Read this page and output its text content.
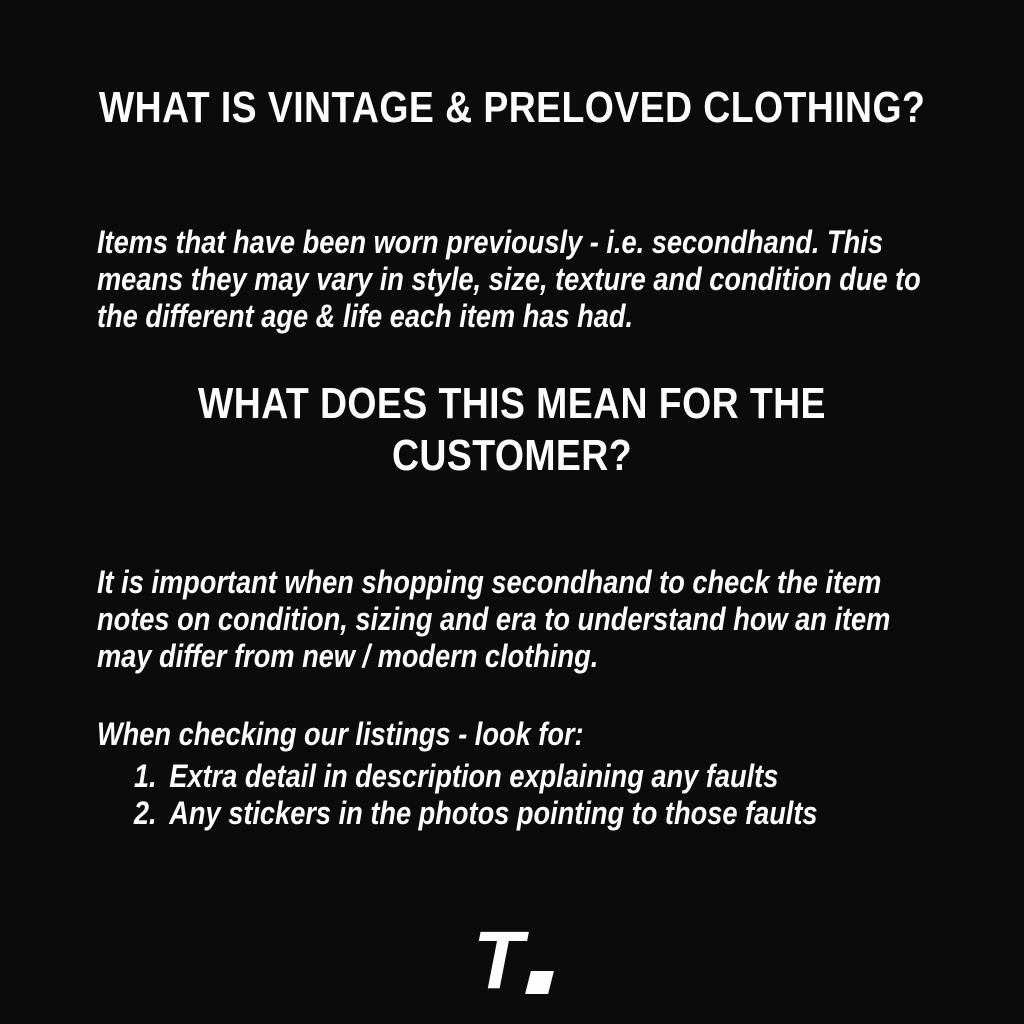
WHAT IS VINTAGE & PRELOVED CLOTHING?

Items that have been worn previously - i.e. secondhand. This means they may vary in style, size, texture and condition due to the different age & life each item has had.

WHAT DOES THIS MEAN FOR THE CUSTOMER?

It is important when shopping secondhand to check the item notes on condition, sizing and era to understand how an item may differ from new / modern clothing.

When checking our listings - look for:

1. Extra detail in description explaining any faults
2. Any stickers in the photos pointing to those faults
T
